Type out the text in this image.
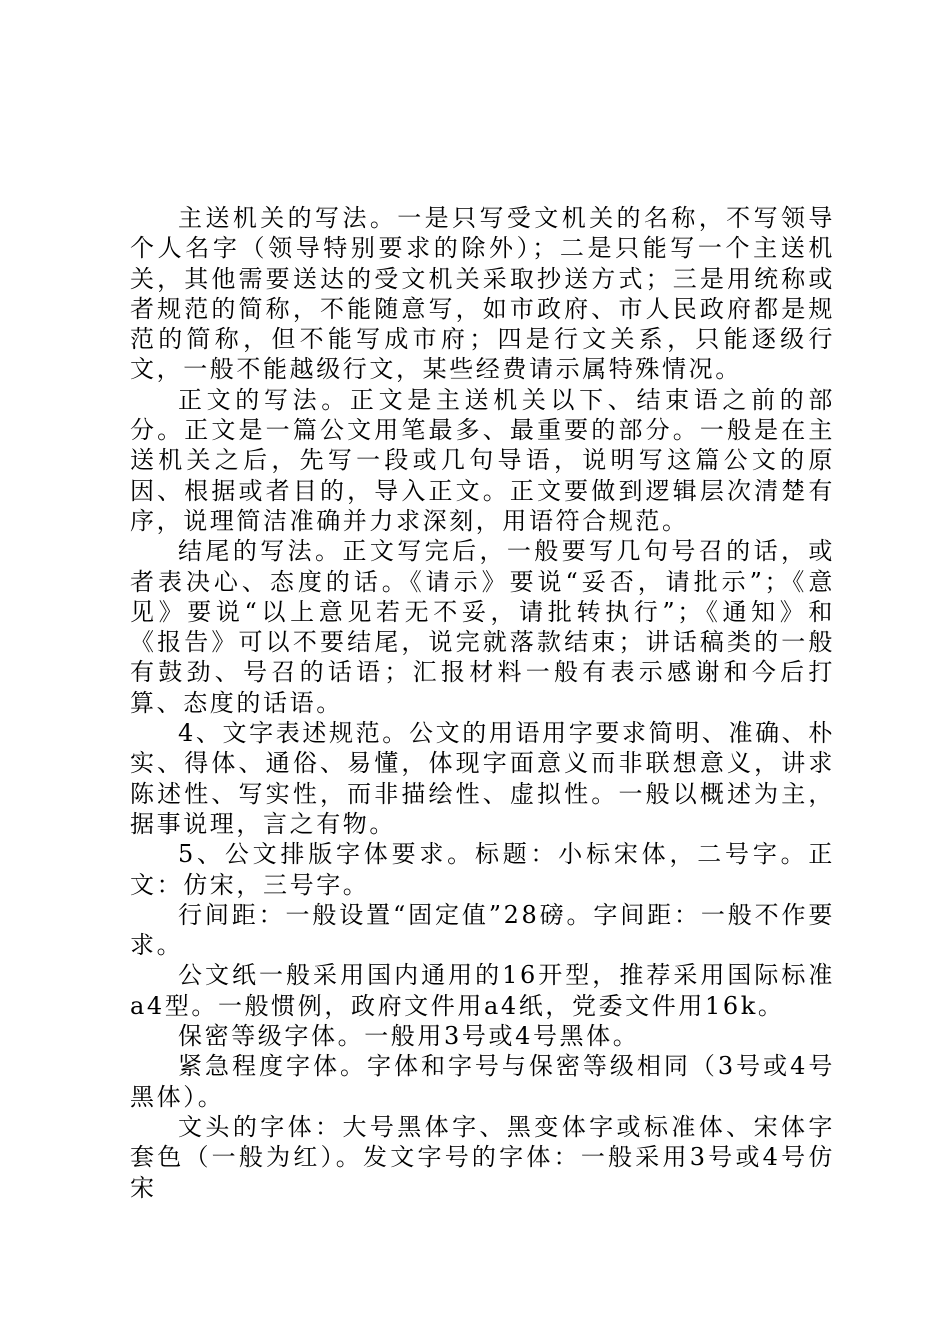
主送机关的写法。一是只写受文机关的名称，不写领导个人名字（领导特别要求的除外）；二是只能写一个主送机关，其他需要送达的受文机关采取抄送方式；三是用统称或者规范的简称，不能随意写，如市政府、市人民政府都是规范的简称，但不能写成市府；四是行文关系，只能逐级行文，一般不能越级行文，某些经费请示属特殊情况。

正文的写法。正文是主送机关以下、结束语之前的部分。正文是一篇公文用笔最多、最重要的部分。一般是在主送机关之后，先写一段或几句导语，说明写这篇公文的原因、根据或者目的，导入正文。正文要做到逻辑层次清楚有序，说理简洁准确并力求深刻，用语符合规范。

结尾的写法。正文写完后，一般要写几句号召的话，或者表决心、态度的话。《请示》要说“妥否，请批示”；《意见》要说“以上意见若无不妥，请批转执行”；《通知》和《报告》可以不要结尾，说完就落款结束；讲话稿类的一般有鼓劲、号召的话语；汇报材料一般有表示感谢和今后打算、态度的话语。

4、文字表述规范。公文的用语用字要求简明、准确、朴实、得体、通俗、易懂，体现字面意义而非联想意义，讲求陈述性、写实性，而非描绘性、虚拟性。一般以概述为主，据事说理，言之有物。

5、公文排版字体要求。标题：小标宋体，二号字。正文：仿宋，三号字。

行间距：一般设置“固定值”28磅。字间距：一般不作要求。

公文纸一般采用国内通用的16开型，推荐采用国际标准a4型。一般惯例，政府文件用a4纸，党委文件用16k。

保密等级字体。一般用3号或4号黑体。

紧急程度字体。字体和字号与保密等级相同（3号或4号黑体）。

文头的字体：大号黑体字、黑变体字或标准体、宋体字套色（一般为红）。发文字号的字体：一般采用3号或4号仿宋
